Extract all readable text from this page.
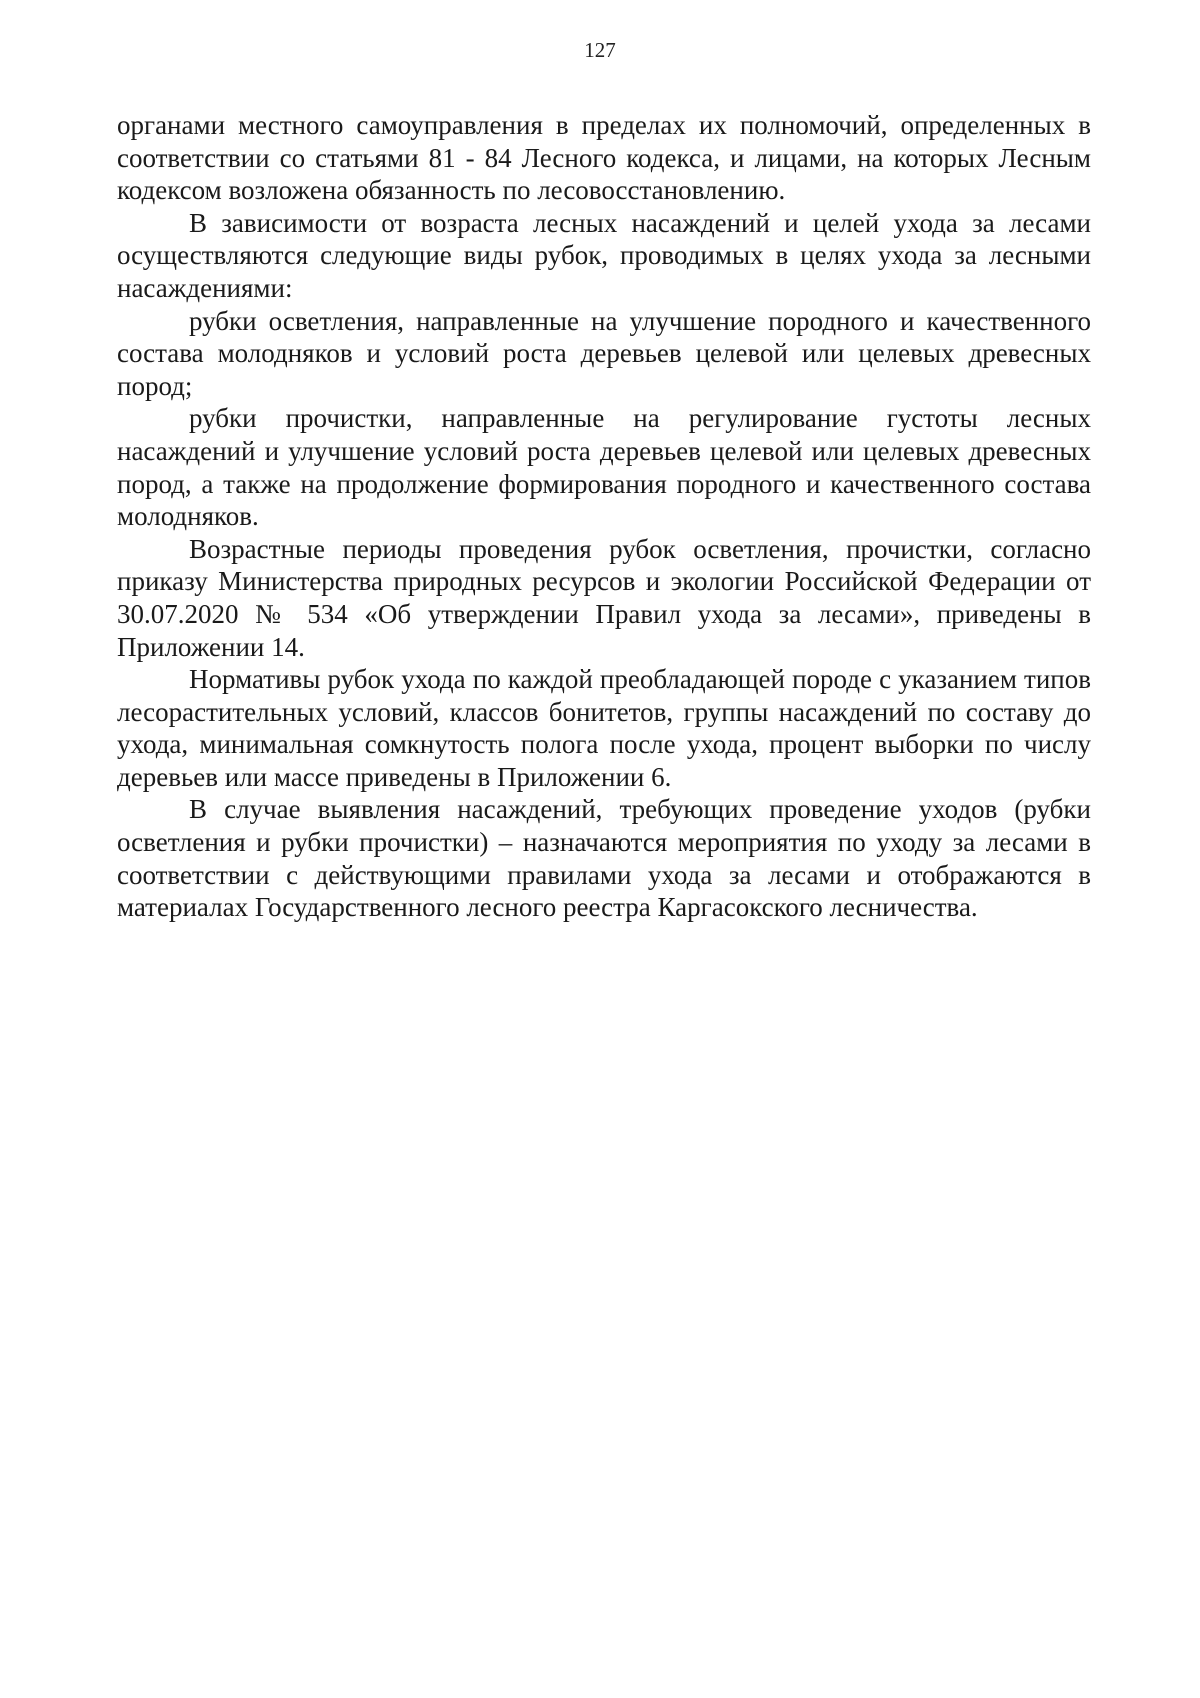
127

органами местного самоуправления в пределах их полномочий, определенных в соответствии со статьями 81 - 84 Лесного кодекса, и лицами, на которых Лесным кодексом возложена обязанность по лесовосстановлению.

В зависимости от возраста лесных насаждений и целей ухода за лесами осуществляются следующие виды рубок, проводимых в целях ухода за лесными насаждениями:

рубки осветления, направленные на улучшение породного и качественного состава молодняков и условий роста деревьев целевой или целевых древесных пород;

рубки прочистки, направленные на регулирование густоты лесных насаждений и улучшение условий роста деревьев целевой или целевых древесных пород, а также на продолжение формирования породного и качественного состава молодняков.

Возрастные периоды проведения рубок осветления, прочистки, согласно приказу Министерства природных ресурсов и экологии Российской Федерации от 30.07.2020 № 534 «Об утверждении Правил ухода за лесами», приведены в Приложении 14.

Нормативы рубок ухода по каждой преобладающей породе с указанием типов лесорастительных условий, классов бонитетов, группы насаждений по составу до ухода, минимальная сомкнутость полога после ухода, процент выборки по числу деревьев или массе приведены в Приложении 6.

В случае выявления насаждений, требующих проведение уходов (рубки осветления и рубки прочистки) – назначаются мероприятия по уходу за лесами в соответствии с действующими правилами ухода за лесами и отображаются в материалах Государственного лесного реестра Каргасокского лесничества.
